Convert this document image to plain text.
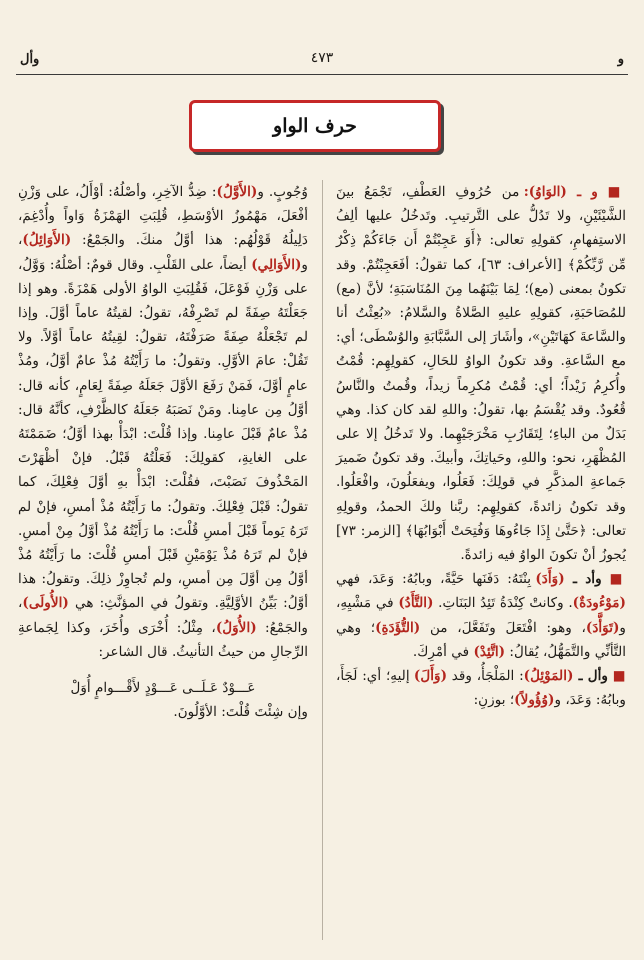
وأل	٤٧٣	و
حرف الواو

■ و ـ (الوَاوُ): من حُرُوفِ العَطْفِ، تَجْمَعُ بينَ الشَّيْئَيْنِ، ولا تَدُلُّ على التَّرتيبِ. وتَدخُلُ عليها ألِفُ الاستِفهامِ، كقولِهِ تعالى: ﴿أَوَ عَجِبْتُمْ أَن جَاءَكُمْ ذِكْرٌ مِّن رَّبِّكُمْ﴾ [الأعراف: ٦٣]، كما تقولُ: أفَعَجِبْتُمْ. وقد تكونُ بمعنى (مع)؛ لِمَا بَيْنَهُما مِنَ المُنَاسَبَةِ؛ لأنَّ (مع) للمُصَاحَبَةِ، كقولِهِ عليهِ الصَّلاةُ والسَّلامُ: «بُعِثْتُ أنا والسَّاعةَ كهَاتَيْنِ»، وأشَارَ إلى السَّبَّابَةِ والوُسْطَى؛ أي: مع السَّاعةِ. وقد تكونُ الواوُ للحَالِ، كقولِهِم: قُمْتُ وأُكرِمُ زَيْداً؛ أي: قُمْتُ مُكرِماً زيداً، وقُمتُ والنَّاسُ قُعُودٌ. وقد يُقْسَمُ بها، تقولُ: واللهِ لقد كان كذا. وهي بَدَلٌ من الباءِ؛ لِتَقَارُبِ مَخْرَجَيْهِما. ولا تَدخُلُ إلا على المُظْهَرِ، نحو: واللهِ، وحَياتِكَ، وأبيكَ. وقد تكونُ ضَميرَ جَماعةِ المذكَّرِ في قولِكَ: فَعَلُوا، ويفعَلُونَ، وافْعَلُوا. وقد تكونُ زائدةً، كقولِهِم: ربَّنا ولكَ الحمدُ، وقولِهِ تعالى: ﴿حَتَّىٰ إِذَا جَاءُوهَا وَفُتِحَتْ أَبْوَابُهَا﴾ [الزمر: ٧٣] يُجوزُ أنْ تكونَ الواوُ فيه زائدةً.

■ وأد ـ (وَأَدَ) بِنْتَهُ: دَفَنَها حَيَّةً، وبابُهُ: وَعَدَ، فهي (مَوْءُودَةٌ). وكانتْ كِنْدَةُ تَئِدُ البَنَاتِ. (التَّأَدُ) في مَشْيِهِ، و(تَوَأَّدَ)، وهو: افْتَعَلَ وتَفَعَّلَ، من (التُّؤَدَةِ)؛ وهي التَّأنِّي والتَّمَهُّلُ، يُقالُ: (اتَّئِدْ) في أمْرِكَ.

■ وأل ـ (المَوْئِلُ): المَلْجَأُ، وقد (وَأَلَ) إليهِ؛ أي: لَجَأَ، وبابُهُ: وَعَدَ، و(وُؤُولاً)؛ بوزنِ:

وُجُوبٍ. و(الأَوَّلُ): ضِدُّ الآخِرِ، وأصْلُهُ: أوْأَلُ، على وَزْنِ أفْعَلَ، مَهْمُوزُ الأوْسَطِ، قُلِبَتِ الهَمْزَةُ وَاواً وأُدْغِمَ، دَلِيلُهُ قَوْلُهُم: هذا أوَّلُ منكَ. والجَمْعُ: (الأَوَائِلُ)، و(الأَوَالِي) أيضاً، على القَلْبِ. وقال قومٌ: أصْلُهُ: وَوَّلُ، على وَزْنِ فَوْعَلَ، فَقُلِبَتِ الواوُ الأولى هَمْزَةً. وهو إذا جَعَلْتَهُ صِفَةً لم تَصْرِفْهُ، تقولُ: لقيتُهُ عاماً أوَّلَ. وإذا لم تَجْعَلْهُ صِفَةً صَرَفْتَهُ، تقولُ: لقِيتُهُ عاماً أوَّلاً. ولا تَقُلْ: عامَ الأوَّلِ. وتقولُ: ما رَأَيْتُهُ مُذْ عامٌ أوَّلُ، ومُذْ عامٍ أوَّلَ، فَمَنْ رَفَعَ الأوَّلَ جَعَلَهُ صِفَةً لِعَامٍ، كأنه قال: أوَّلُ مِن عامِنا. ومَنْ نَصَبَهُ جَعَلَهُ كالظَّرْفِ، كأنَّهُ قال: مُذْ عامٌ قَبْلَ عامِنا. وإذا قُلْتَ: ابْدَأْ بهذا أوَّلُ؛ ضَمَمْتَهُ على الغايةِ، كقولِكَ: فَعَلْتُهُ قَبْلُ. فإنْ أظْهَرْتَ المَحْذُوفَ نَصَبْتَ، فقُلْتَ: ابْدَأْ بهِ أوَّلَ فِعْلِكَ، كما تقولُ: قَبْلَ فِعْلِكَ. وتقولُ: ما رَأَيْتُهُ مُذْ أمسِ، فإنْ لم تَرَهُ يَوماً قَبْلَ أمسِ قُلْتَ: ما رَأَيْتُهُ مُذْ أوَّلُ مِنْ أمسِ. فإنْ لم تَرَهُ مُذْ يَوْمَيْنِ قَبْلَ أمسِ قُلْتَ: ما رَأَيْتُهُ مُذْ أوَّلُ مِن أوَّلَ مِن أمسِ، ولم تُجاوِزْ ذلِكَ. وتقولُ: هذا أوَّلُ: بَيِّنُ الأوَّلِيَّةِ. وتقولُ في المؤنَّثِ: هي (الأُولَى)، والجَمْعُ: (الأُوَلُ)، مِثْلُ: أُخْرَى وأُخَرَ، وكذا لِجَماعةِ الرِّجالِ من حيثُ التأنيثُ. قال الشاعر:

عَـــوْدٌ عَـلَــى عَـــوْدٍ لأَقْـــوامٍ أُوَلْ

وإن شِئْتَ قُلْتَ: الأوَّلُونَ.
